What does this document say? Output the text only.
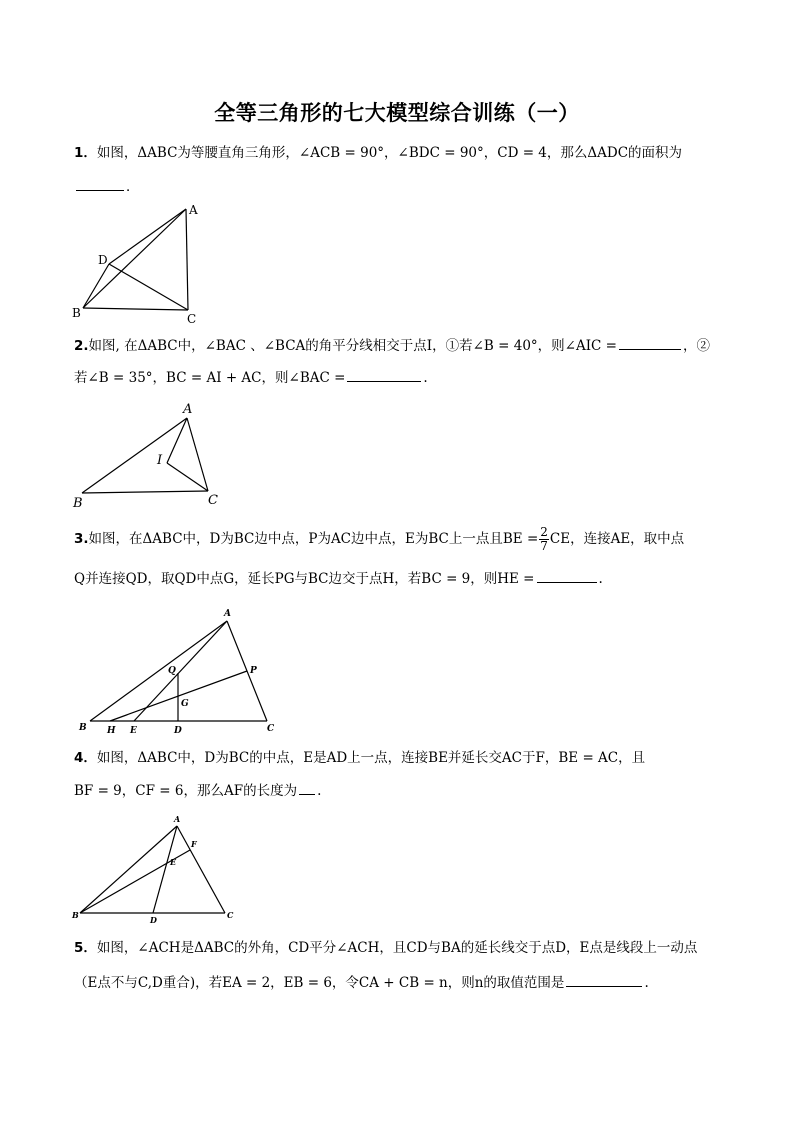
全等三角形的七大模型综合训练（一）
1．如图，ΔABC为等腰直角三角形，∠ACB = 90°，∠BDC = 90°，CD = 4，那么ΔADC的面积为
．
A
B	C
D
2.如图, 在ΔABC中，∠BAC 、∠BCA的角平分线相交于点I，①若∠B = 40°，则∠AIC =	，②
若∠B = 35°，BC = AI + AC，则∠BAC =	.
A
B	C
I
3.如图，在ΔABC中，D为BC边中点，P为AC边中点，E为BC上一点且BE = $\frac{2}{7}$ CE，连接AE，取中点
Q并连接QD，取QD中点G，延长PG与BC边交于点H，若BC = 9，则HE =	.
A
B	C
D
E
G
H
P
Q
4．如图，ΔABC中，D为BC的中点，E是AD上一点，连接BE并延长交AC于F，BE = AC，且
BF = 9，CF = 6，那么AF的长度为 .
A
B	C
D
E
F
5．如图，∠ACH是ΔABC的外角，CD平分∠ACH，且CD与BA的延长线交于点D，E点是线段上一动点
（E点不与C,D重合)，若EA = 2，EB = 6，令CA + CB = n，则n的取值范围是	.
